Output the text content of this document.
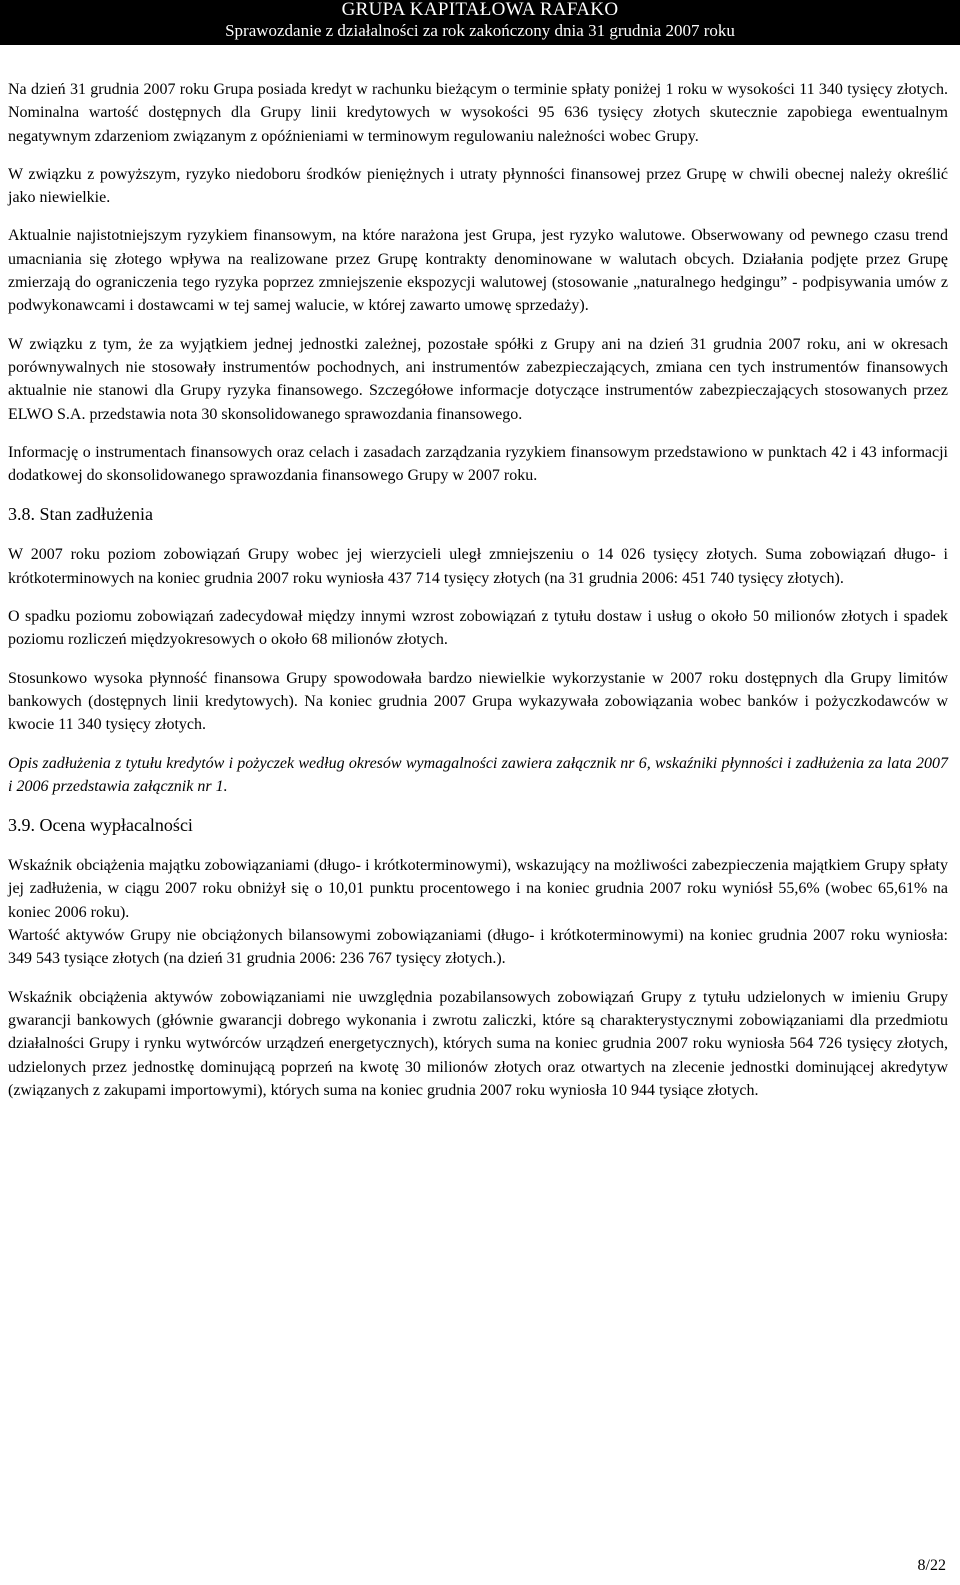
GRUPA KAPITAŁOWA RAFAKO
Sprawozdanie z działalności za rok zakończony dnia 31 grudnia 2007 roku

Na dzień 31 grudnia 2007 roku Grupa posiada kredyt w rachunku bieżącym o terminie spłaty poniżej 1 roku w wysokości 11 340 tysięcy złotych. Nominalna wartość dostępnych dla Grupy linii kredytowych w wysokości 95 636 tysięcy złotych skutecznie zapobiega ewentualnym negatywnym zdarzeniom związanym z opóźnieniami w terminowym regulowaniu należności wobec Grupy.

W związku z powyższym, ryzyko niedoboru środków pieniężnych i utraty płynności finansowej przez Grupę w chwili obecnej należy określić jako niewielkie.

Aktualnie najistotniejszym ryzykiem finansowym, na które narażona jest Grupa, jest ryzyko walutowe. Obserwowany od pewnego czasu trend umacniania się złotego wpływa na realizowane przez Grupę kontrakty denominowane w walutach obcych. Działania podjęte przez Grupę zmierzają do ograniczenia tego ryzyka poprzez zmniejszenie ekspozycji walutowej (stosowanie „naturalnego hedgingu” - podpisywania umów z podwykonawcami i dostawcami w tej samej walucie, w której zawarto umowę sprzedaży).

W związku z tym, że za wyjątkiem jednej jednostki zależnej, pozostałe spółki z Grupy ani na dzień 31 grudnia 2007 roku, ani w okresach porównywalnych nie stosowały instrumentów pochodnych, ani instrumentów zabezpieczających, zmiana cen tych instrumentów finansowych aktualnie nie stanowi dla Grupy ryzyka finansowego. Szczegółowe informacje dotyczące instrumentów zabezpieczających stosowanych przez ELWO S.A. przedstawia nota 30 skonsolidowanego sprawozdania finansowego.

Informację o instrumentach finansowych oraz celach i zasadach zarządzania ryzykiem finansowym przedstawiono w punktach 42 i 43 informacji dodatkowej do skonsolidowanego sprawozdania finansowego Grupy w 2007 roku.

3.8. Stan zadłużenia

W 2007 roku poziom zobowiązań Grupy wobec jej wierzycieli uległ zmniejszeniu o 14 026 tysięcy złotych. Suma zobowiązań długo- i krótkoterminowych na koniec grudnia 2007 roku wyniosła 437 714 tysięcy złotych (na 31 grudnia 2006: 451 740 tysięcy złotych).

O spadku poziomu zobowiązań zadecydował między innymi wzrost zobowiązań z tytułu dostaw i usług o około 50 milionów złotych i spadek poziomu rozliczeń międzyokresowych o około 68 milionów złotych.

Stosunkowo wysoka płynność finansowa Grupy spowodowała bardzo niewielkie wykorzystanie w 2007 roku dostępnych dla Grupy limitów bankowych (dostępnych linii kredytowych). Na koniec grudnia 2007 Grupa wykazywała zobowiązania wobec banków i pożyczkodawców w kwocie 11 340 tysięcy złotych.

Opis zadłużenia z tytułu kredytów i pożyczek według okresów wymagalności zawiera załącznik nr 6, wskaźniki płynności i zadłużenia za lata 2007 i 2006 przedstawia załącznik nr 1.

3.9. Ocena wypłacalności

Wskaźnik obciążenia majątku zobowiązaniami (długo- i krótkoterminowymi), wskazujący na możliwości zabezpieczenia majątkiem Grupy spłaty jej zadłużenia, w ciągu 2007 roku obniżył się o 10,01 punktu procentowego i na koniec grudnia 2007 roku wyniósł 55,6% (wobec 65,61% na koniec 2006 roku).

Wartość aktywów Grupy nie obciążonych bilansowymi zobowiązaniami (długo- i krótkoterminowymi) na koniec grudnia 2007 roku wyniosła: 349 543 tysiące złotych (na dzień 31 grudnia 2006: 236 767 tysięcy złotych.).

Wskaźnik obciążenia aktywów zobowiązaniami nie uwzględnia pozabilansowych zobowiązań Grupy z tytułu udzielonych w imieniu Grupy gwarancji bankowych (głównie gwarancji dobrego wykonania i zwrotu zaliczki, które są charakterystycznymi zobowiązaniami dla przedmiotu działalności Grupy i rynku wytwórców urządzeń energetycznych), których suma na koniec grudnia 2007 roku wyniosła 564 726 tysięcy złotych, udzielonych przez jednostkę dominującą poprzeń na kwotę 30 milionów złotych oraz otwartych na zlecenie jednostki dominującej akredytyw (związanych z zakupami importowymi), których suma na koniec grudnia 2007 roku wyniosła 10 944 tysiące złotych.

8/22
